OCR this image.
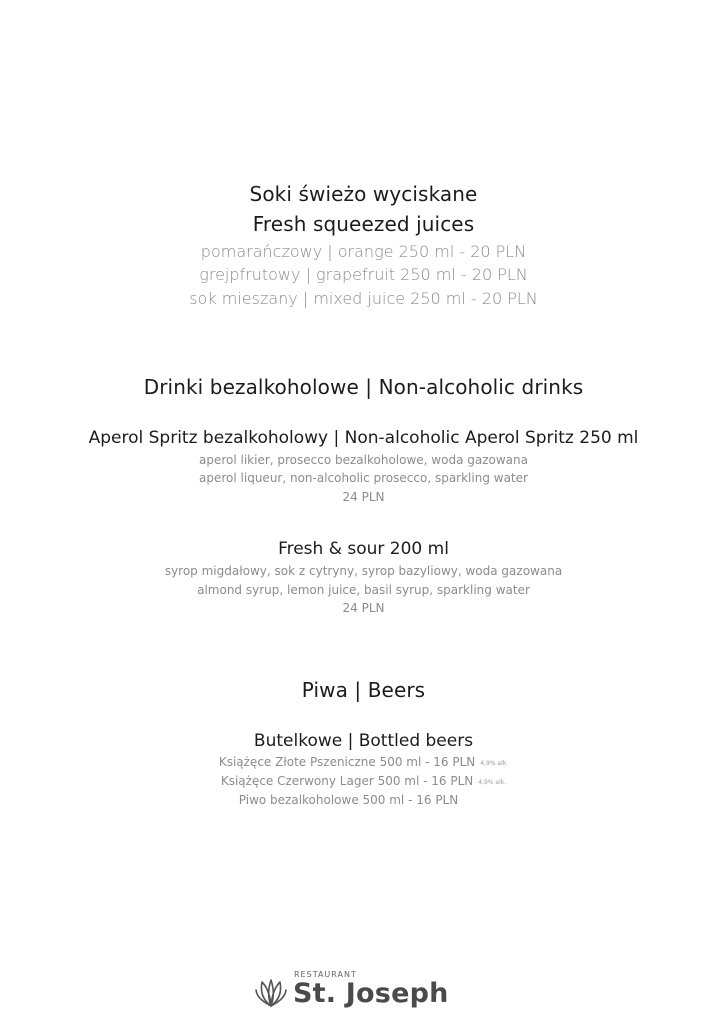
Soki świeżo wyciskane
Fresh squeezed juices
pomarańczowy | orange 250 ml - 20 PLN
grejpfrutowy | grapefruit 250 ml - 20 PLN
sok mieszany | mixed juice 250 ml - 20 PLN
Drinki bezalkoholowe | Non-alcoholic drinks
Aperol Spritz bezalkoholowy | Non-alcoholic Aperol Spritz 250 ml
aperol likier, prosecco bezalkoholowe, woda gazowana
aperol liqueur, non-alcoholic prosecco, sparkling water
24 PLN
Fresh & sour 200 ml
syrop migdałowy, sok z cytryny, syrop bazyliowy, woda gazowana
almond syrup, lemon juice, basil syrup, sparkling water
24 PLN
Piwa | Beers
Butelkowe | Bottled beers
Książęce Złote Pszeniczne 500 ml - 16 PLN 4,9% alk.
Książęce Czerwony Lager 500 ml - 16 PLN 4,9% alk.
Piwo bezalkoholowe 500 ml - 16 PLN
RESTAURANT
St. Joseph
